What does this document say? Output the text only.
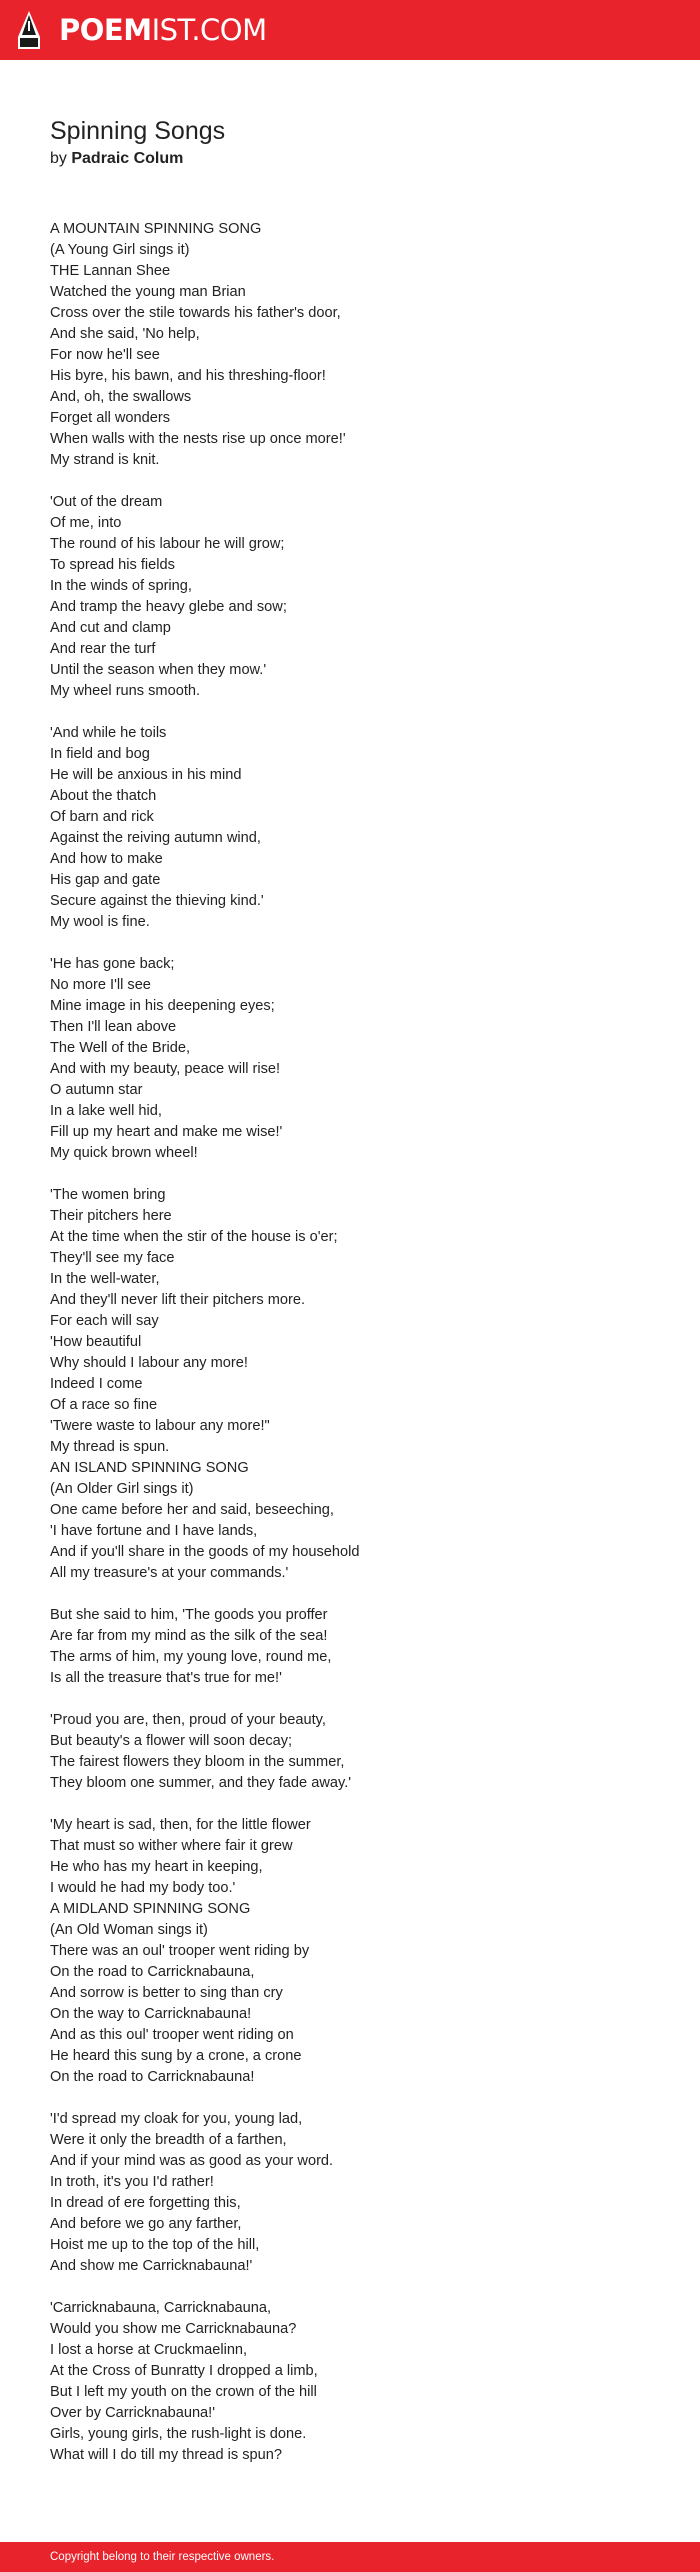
POEMIST.COM
Spinning Songs
by Padraic Colum
A MOUNTAIN SPINNING SONG
(A Young Girl sings it)
THE Lannan Shee
Watched the young man Brian
Cross over the stile towards his father's door,
And she said, 'No help,
For now he'll see
His byre, his bawn, and his threshing-floor!
And, oh, the swallows
Forget all wonders
When walls with the nests rise up once more!'
My strand is knit.
'Out of the dream
Of me, into
The round of his labour he will grow;
To spread his fields
In the winds of spring,
And tramp the heavy glebe and sow;
And cut and clamp
And rear the turf
Until the season when they mow.'
My wheel runs smooth.
'And while he toils
In field and bog
He will be anxious in his mind
About the thatch
Of barn and rick
Against the reiving autumn wind,
And how to make
His gap and gate
Secure against the thieving kind.'
My wool is fine.
'He has gone back;
No more I'll see
Mine image in his deepening eyes;
Then I'll lean above
The Well of the Bride,
And with my beauty, peace will rise!
O autumn star
In a lake well hid,
Fill up my heart and make me wise!'
My quick brown wheel!
'The women bring
Their pitchers here
At the time when the stir of the house is o'er;
They'll see my face
In the well-water,
And they'll never lift their pitchers more.
For each will say
'How beautiful
Why should I labour any more!
Indeed I come
Of a race so fine
'Twere waste to labour any more!"
My thread is spun.
AN ISLAND SPINNING SONG
(An Older Girl sings it)
One came before her and said, beseeching,
'I have fortune and I have lands,
And if you'll share in the goods of my household
All my treasure's at your commands.'
But she said to him, 'The goods you proffer
Are far from my mind as the silk of the sea!
The arms of him, my young love, round me,
Is all the treasure that's true for me!'
'Proud you are, then, proud of your beauty,
But beauty's a flower will soon decay;
The fairest flowers they bloom in the summer,
They bloom one summer, and they fade away.'
'My heart is sad, then, for the little flower
That must so wither where fair it grew
He who has my heart in keeping,
I would he had my body too.'
A MIDLAND SPINNING SONG
(An Old Woman sings it)
There was an oul' trooper went riding by
On the road to Carricknabauna,
And sorrow is better to sing than cry
On the way to Carricknabauna!
And as this oul' trooper went riding on
He heard this sung by a crone, a crone
On the road to Carricknabauna!
'I'd spread my cloak for you, young lad,
Were it only the breadth of a farthen,
And if your mind was as good as your word.
In troth, it's you I'd rather!
In dread of ere forgetting this,
And before we go any farther,
Hoist me up to the top of the hill,
And show me Carricknabauna!'
'Carricknabauna, Carricknabauna,
Would you show me Carricknabauna?
I lost a horse at Cruckmaelinn,
At the Cross of Bunratty I dropped a limb,
But I left my youth on the crown of the hill
Over by Carricknabauna!'
Girls, young girls, the rush-light is done.
What will I do till my thread is spun?
Copyright belong to their respective owners.
